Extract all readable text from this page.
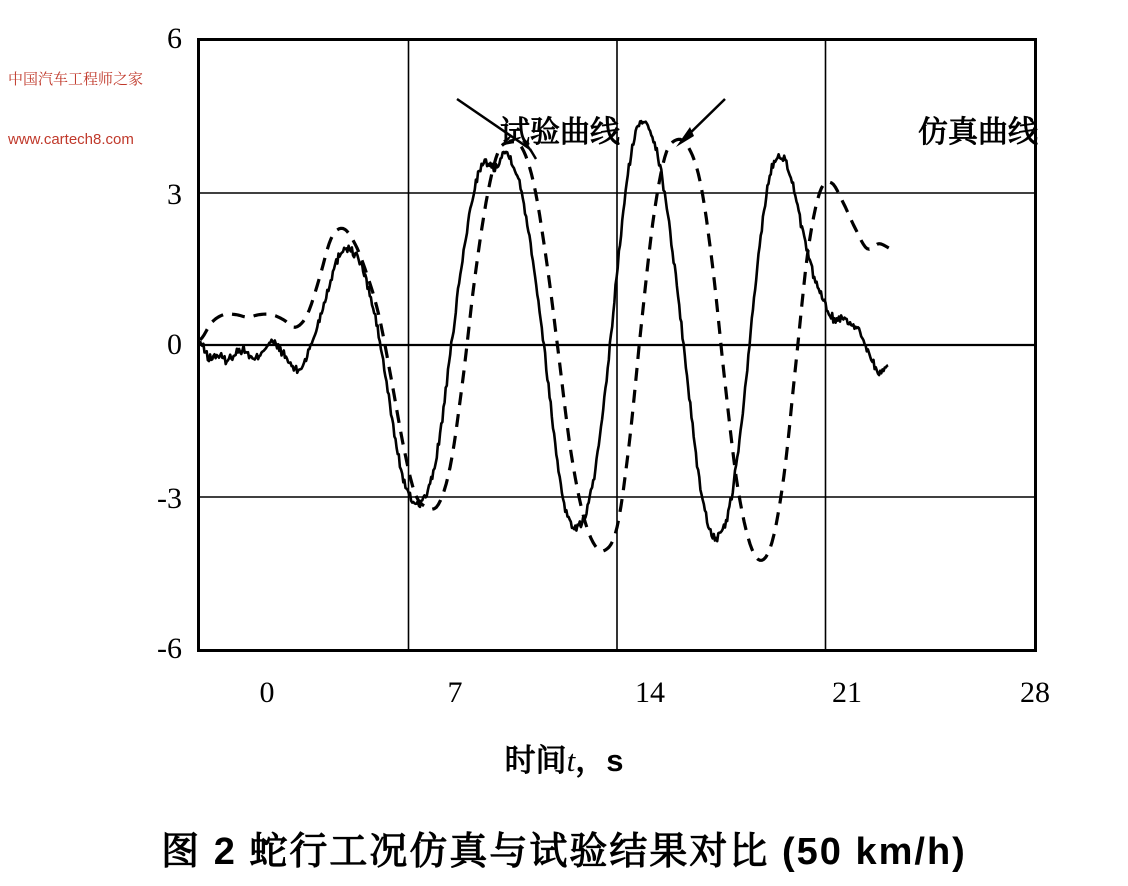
中国汽车工程师之家

www.cartech8.com

6
3
0
-3
-6
0	7	14	21	28
时间t，s
试验曲线	仿真曲线
图 2 蛇行工况仿真与试验结果对比 (50 km/h)
